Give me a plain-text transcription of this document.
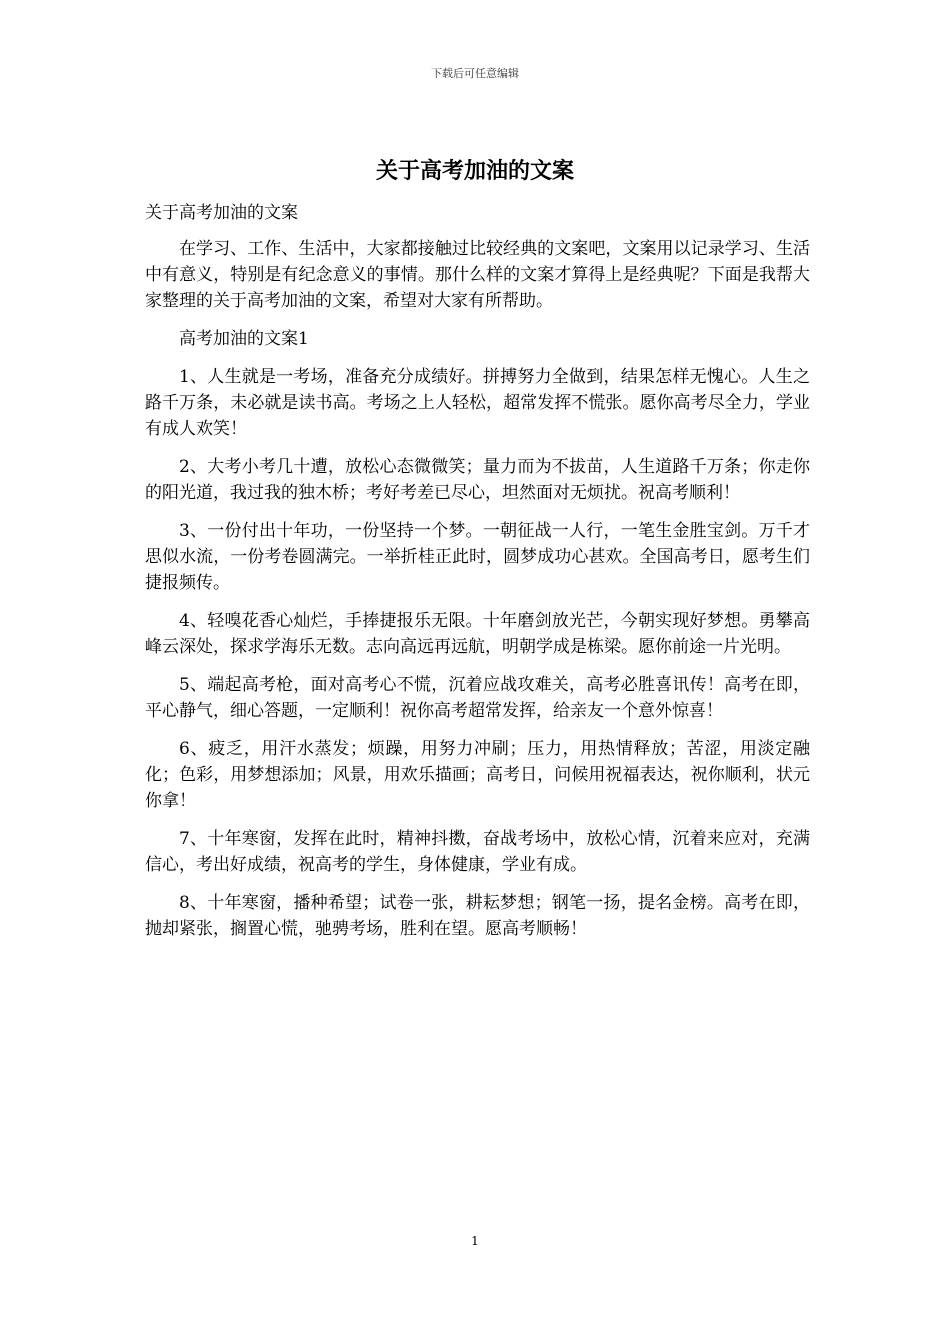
下载后可任意编辑
关于高考加油的文案

关于高考加油的文案

在学习、工作、生活中，大家都接触过比较经典的文案吧，文案用以记录学习、生活中有意义，特别是有纪念意义的事情。那什么样的文案才算得上是经典呢？下面是我帮大家整理的关于高考加油的文案，希望对大家有所帮助。

高考加油的文案1

1、人生就是一考场，准备充分成绩好。拼搏努力全做到，结果怎样无愧心。人生之路千万条，未必就是读书高。考场之上人轻松，超常发挥不慌张。愿你高考尽全力，学业有成人欢笑！

2、大考小考几十遭，放松心态微微笑；量力而为不拔苗，人生道路千万条；你走你的阳光道，我过我的独木桥；考好考差已尽心，坦然面对无烦扰。祝高考顺利！

3、一份付出十年功，一份坚持一个梦。一朝征战一人行，一笔生金胜宝剑。万千才思似水流，一份考卷圆满完。一举折桂正此时，圆梦成功心甚欢。全国高考日，愿考生们捷报频传。

4、轻嗅花香心灿烂，手捧捷报乐无限。十年磨剑放光芒，今朝实现好梦想。勇攀高峰云深处，探求学海乐无数。志向高远再远航，明朝学成是栋梁。愿你前途一片光明。

5、端起高考枪，面对高考心不慌，沉着应战攻难关，高考必胜喜讯传！高考在即，平心静气，细心答题，一定顺利！祝你高考超常发挥，给亲友一个意外惊喜！

6、疲乏，用汗水蒸发；烦躁，用努力冲刷；压力，用热情释放；苦涩，用淡定融化；色彩，用梦想添加；风景，用欢乐描画；高考日，问候用祝福表达，祝你顺利，状元你拿！

7、十年寒窗，发挥在此时，精神抖擞，奋战考场中，放松心情，沉着来应对，充满信心，考出好成绩，祝高考的学生，身体健康，学业有成。

8、十年寒窗，播种希望；试卷一张，耕耘梦想；钢笔一扬，提名金榜。高考在即，抛却紧张，搁置心慌，驰骋考场，胜利在望。愿高考顺畅！

1
